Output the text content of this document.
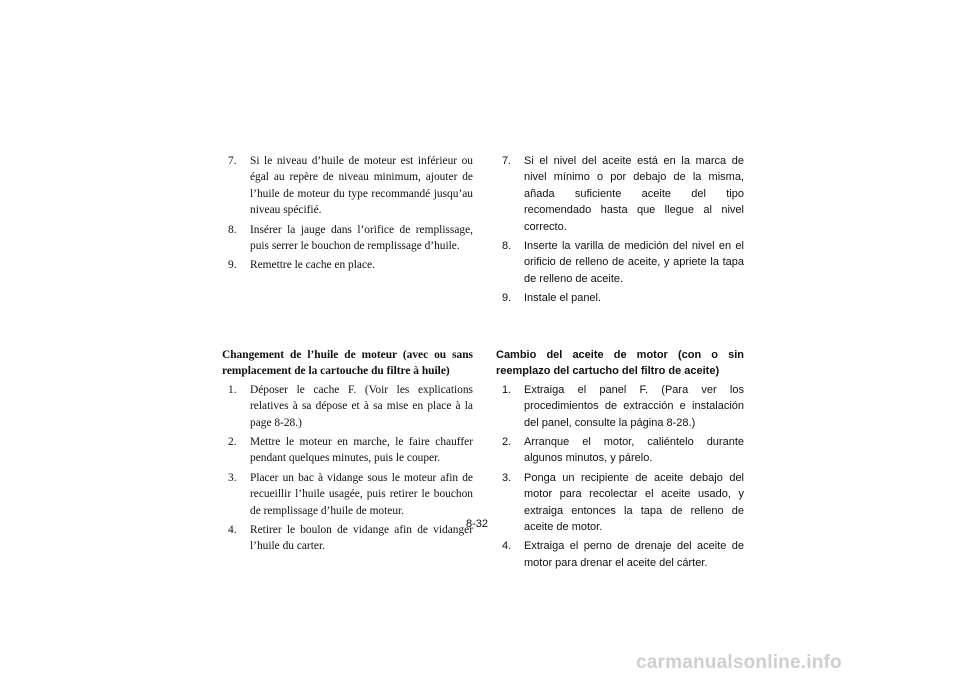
7.	Si le niveau d’huile de moteur est inférieur ou égal au repère de niveau minimum, ajouter de l’huile de moteur du type recommandé jusqu’au niveau spécifié.
8.	Insérer la jauge dans l’orifice de remplissage, puis serrer le bouchon de remplissage d’huile.
9.	Remettre le cache en place.
7.	Si el nivel del aceite está en la marca de nivel mínimo o por debajo de la misma, añada suficiente aceite del tipo recomendado hasta que llegue al nivel correcto.
8.	Inserte la varilla de medición del nivel en el orificio de relleno de aceite, y apriete la tapa de relleno de aceite.
9.	Instale el panel.
Changement de l’huile de moteur (avec ou sans remplacement de la cartouche du filtre à huile)
1.	Déposer le cache F. (Voir les explications relatives à sa dépose et à sa mise en place à la page 8-28.)
2.	Mettre le moteur en marche, le faire chauffer pendant quelques minutes, puis le couper.
3.	Placer un bac à vidange sous le moteur afin de recueillir l’huile usagée, puis retirer le bouchon de remplissage d’huile de moteur.
4.	Retirer le boulon de vidange afin de vidanger l’huile du carter.
Cambio del aceite de motor (con o sin reemplazo del cartucho del filtro de aceite)
1.	Extraiga el panel F. (Para ver los procedimientos de extracción e instalación del panel, consulte la página 8-28.)
2.	Arranque el motor, caliéntelo durante algunos minutos, y párelo.
3.	Ponga un recipiente de aceite debajo del motor para recolectar el aceite usado, y extraiga entonces la tapa de relleno de aceite de motor.
4.	Extraiga el perno de drenaje del aceite de motor para drenar el aceite del cárter.
8-32
carmanualsonline.info
